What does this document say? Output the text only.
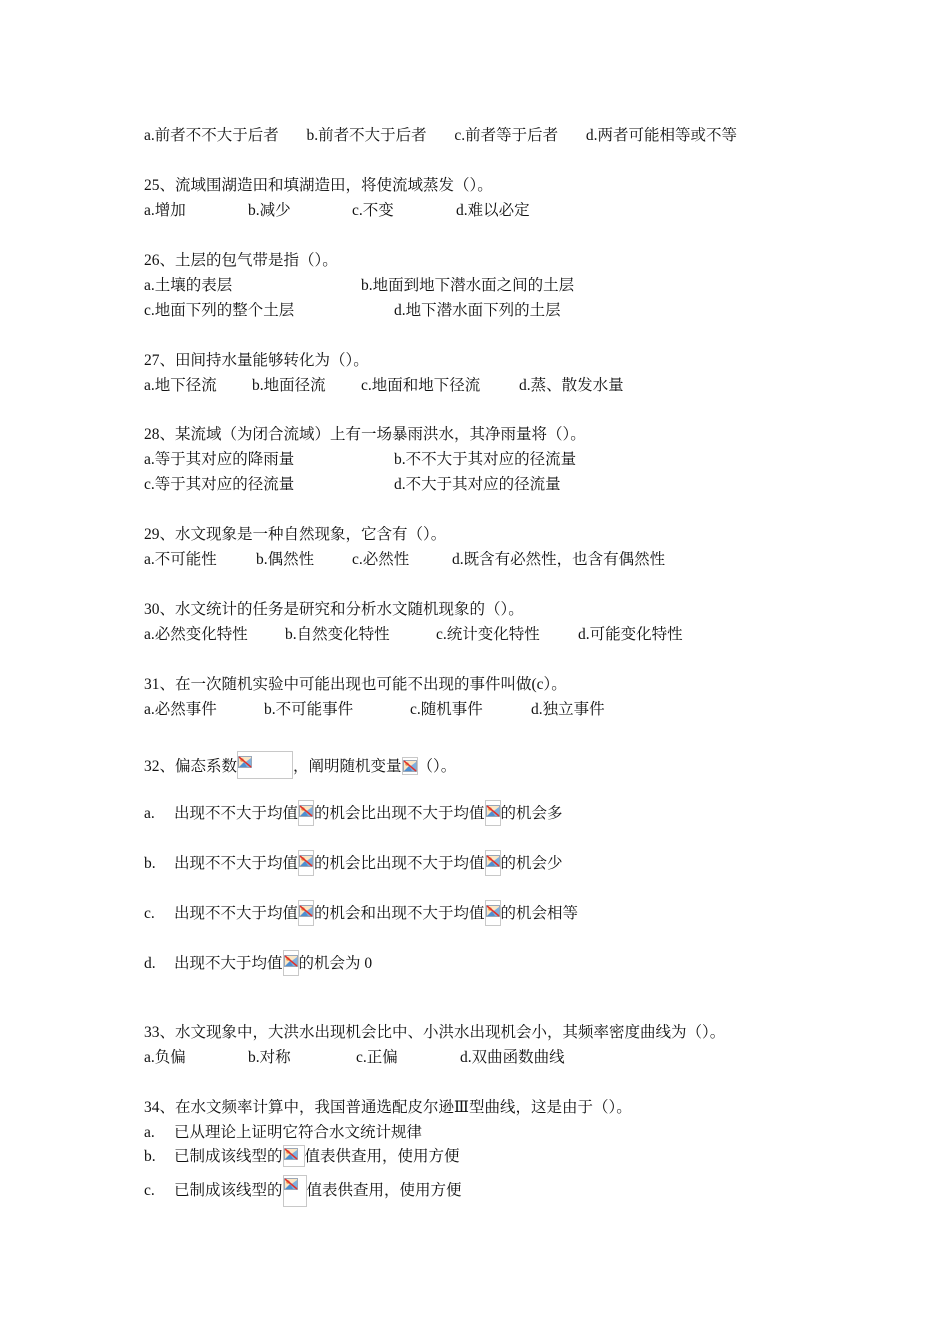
a.前者不不大于后者 b.前者不大于后者 c.前者等于后者 d.两者可能相等或不等
25、流域围湖造田和填湖造田，将使流域蒸发（）。
a.增加	b.减少	c.不变	d.难以必定
26、土层的包气带是指（）。
a.土壤的表层	b.地面到地下潜水面之间的土层
c.地面下列的整个土层	d.地下潜水面下列的土层
27、田间持水量能够转化为（）。
a.地下径流 b.地面径流 c.地面和地下径流 d.蒸、散发水量
28、某流域（为闭合流域）上有一场暴雨洪水，其净雨量将（）。
a.等于其对应的降雨量	b.不不大于其对应的径流量
c.等于其对应的径流量	d.不大于其对应的径流量
29、水文现象是一种自然现象，它含有（）。
a.不可能性	b.偶然性 c.必然性	d.既含有必然性，也含有偶然性
30、水文统计的任务是研究和分析水文随机现象的（）。
a.必然变化特性 b.自然变化特性	c.统计变化特性 d.可能变化特性
31、在一次随机实验中可能出现也可能不出现的事件叫做(c）。
a.必然事件	b.不可能事件	c.随机事件	d.独立事件
32、偏态系数	，阐明随机变量 （）。
a. 出现不不大于均值 的机会比出现不大于均值 的机会多
b. 出现不不大于均值 的机会比出现不大于均值 的机会少
c. 出现不不大于均值 的机会和出现不大于均值 的机会相等
d. 出现不大于均值 的机会为 0
33、水文现象中，大洪水出现机会比中、小洪水出现机会小，其频率密度曲线为（）。
a.负偏	b.对称	c.正偏	d.双曲函数曲线
34、在水文频率计算中，我国普通选配皮尔逊Ⅲ型曲线，这是由于（）。
a. 已从理论上证明它符合水文统计规律
b. 已制成该线型的 值表供查用，使用方便
c. 已制成该线型的 值表供查用，使用方便
